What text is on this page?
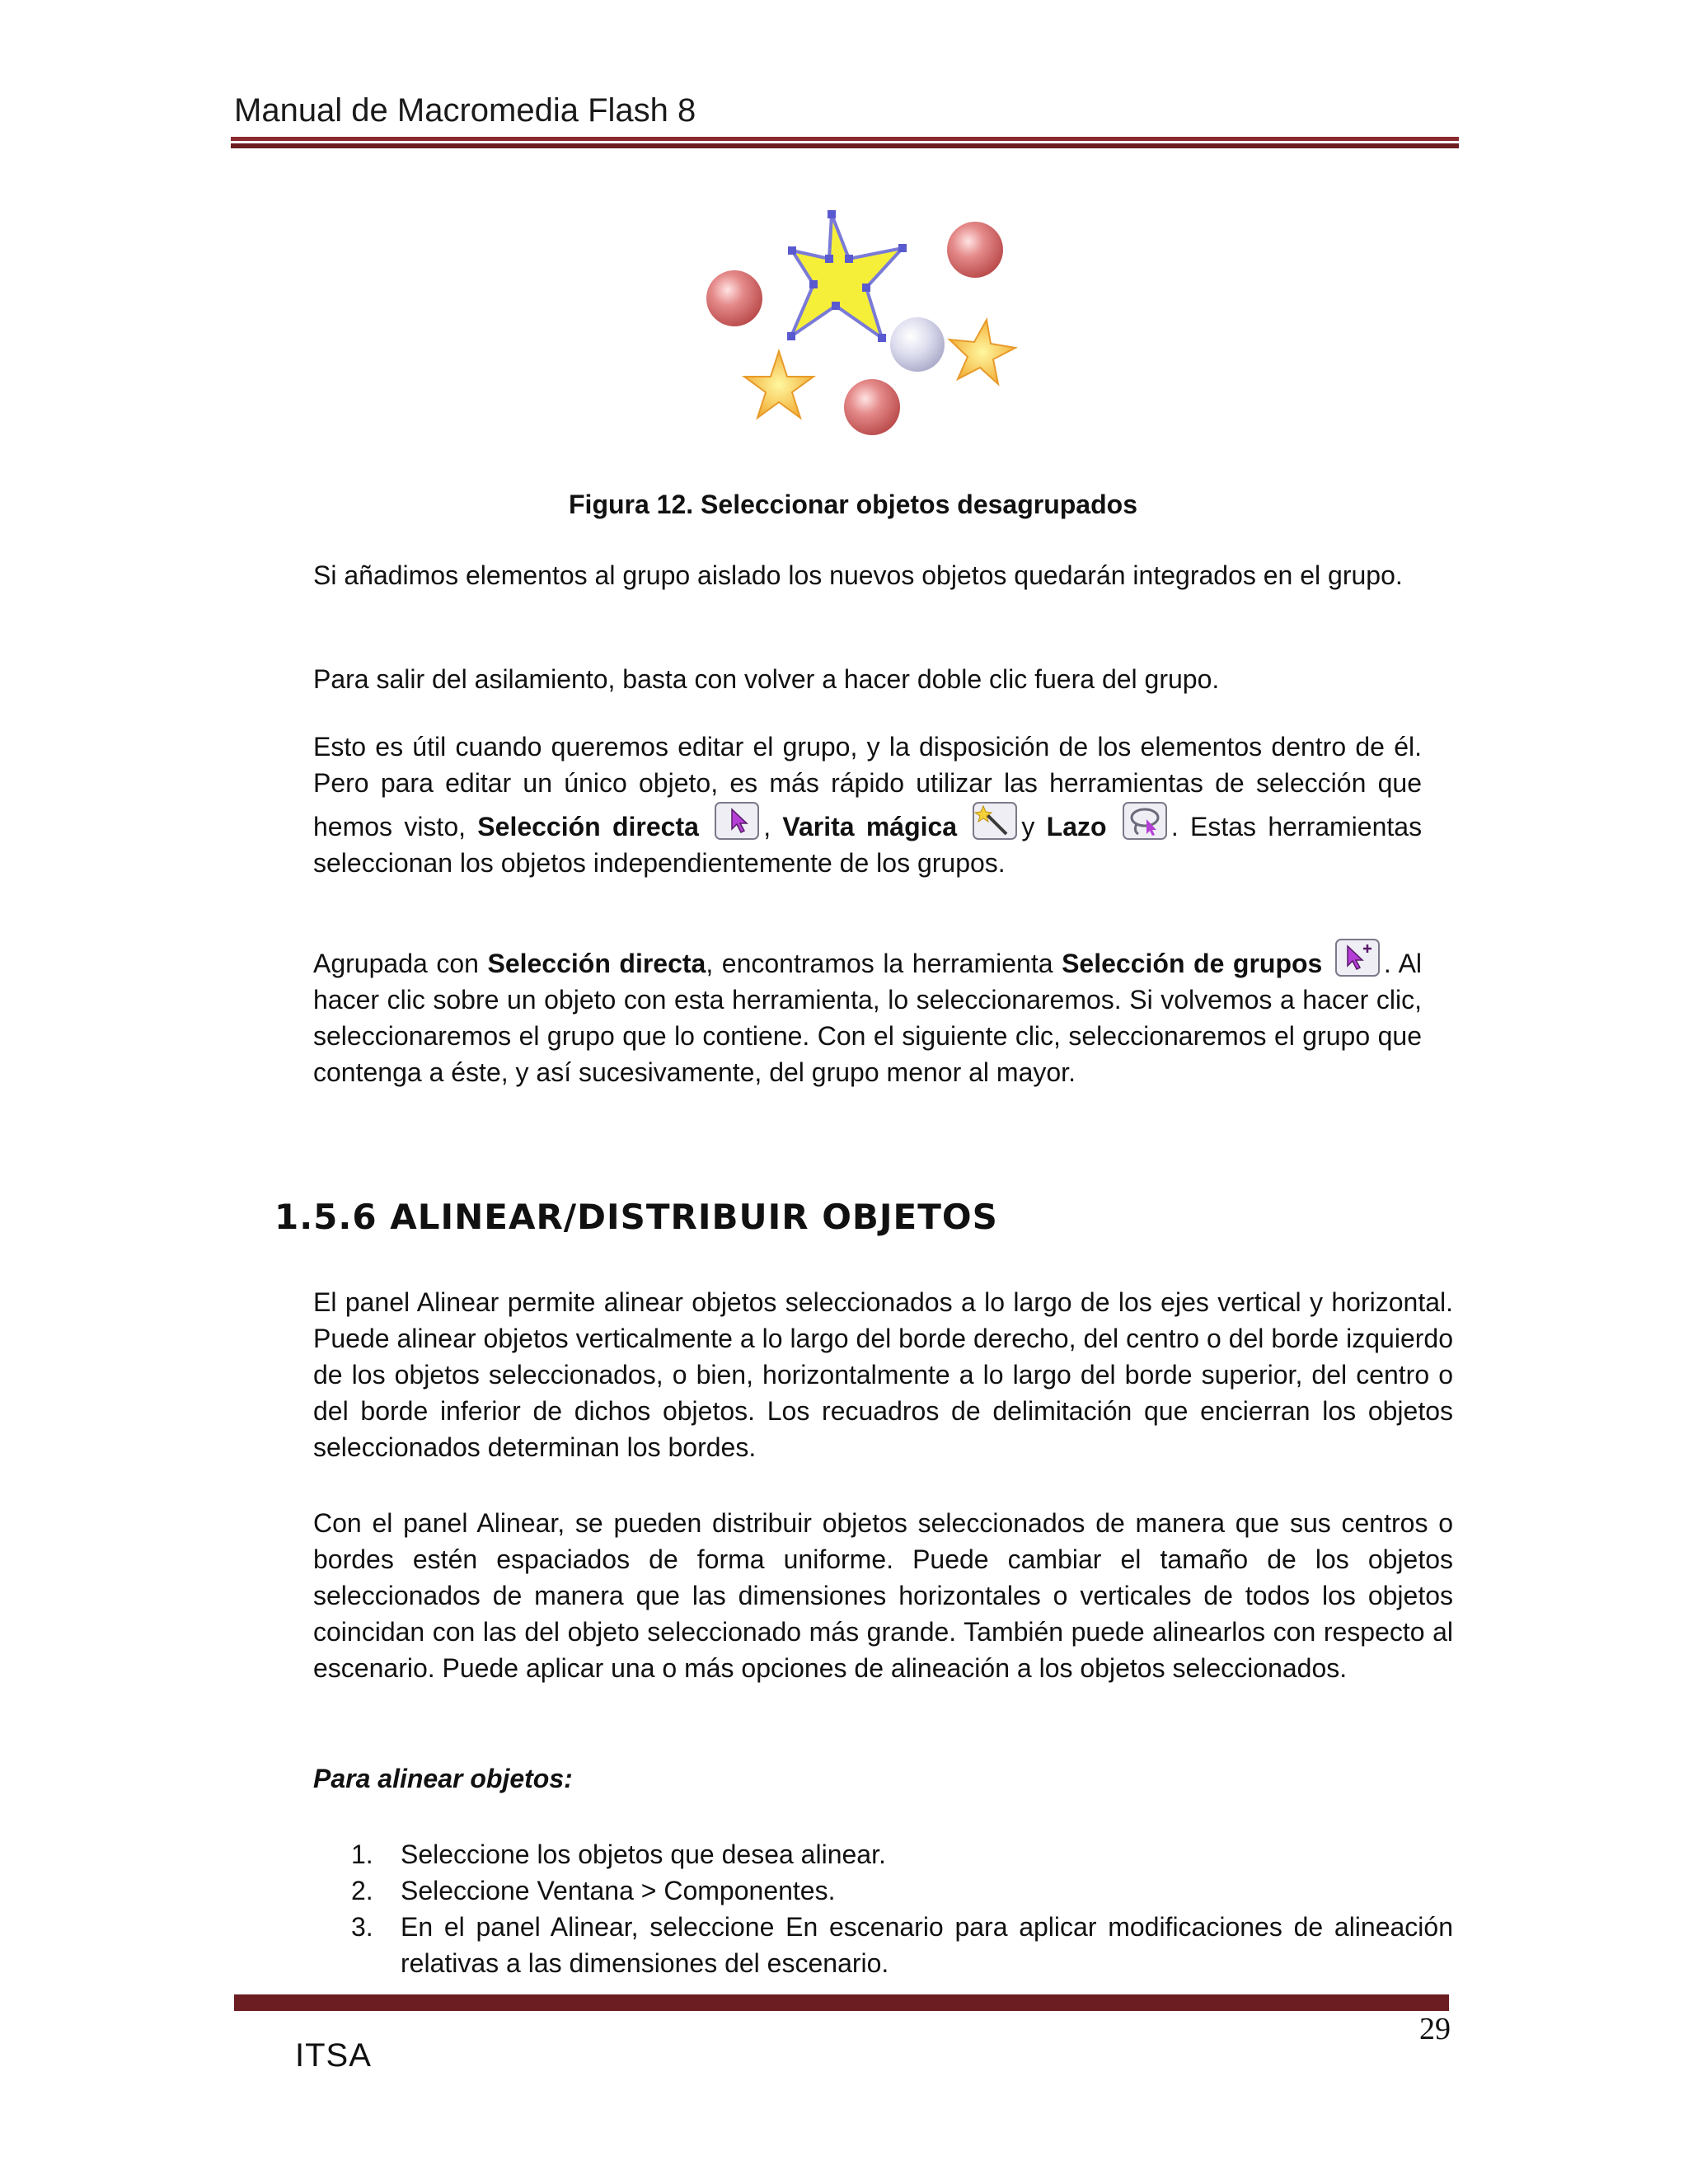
Manual de Macromedia Flash 8
Figura 12. Seleccionar objetos desagrupados
Si añadimos elementos al grupo aislado los nuevos objetos quedarán integrados en el grupo.
Para salir del asilamiento, basta con volver a hacer doble clic fuera del grupo.
Esto es útil cuando queremos editar el grupo, y la disposición de los elementos dentro de él. Pero para editar un único objeto, es más rápido utilizar las herramientas de selección que hemos visto, Selección directa , Varita mágica y Lazo . Estas herramientas seleccionan los objetos independientemente de los grupos.
Agrupada con Selección directa, encontramos la herramienta Selección de grupos . Al hacer clic sobre un objeto con esta herramienta, lo seleccionaremos. Si volvemos a hacer clic, seleccionaremos el grupo que lo contiene. Con el siguiente clic, seleccionaremos el grupo que contenga a éste, y así sucesivamente, del grupo menor al mayor.
1.5.6 ALINEAR/DISTRIBUIR OBJETOS
El panel Alinear permite alinear objetos seleccionados a lo largo de los ejes vertical y horizontal. Puede alinear objetos verticalmente a lo largo del borde derecho, del centro o del borde izquierdo de los objetos seleccionados, o bien, horizontalmente a lo largo del borde superior, del centro o del borde inferior de dichos objetos. Los recuadros de delimitación que encierran los objetos seleccionados determinan los bordes.
Con el panel Alinear, se pueden distribuir objetos seleccionados de manera que sus centros o bordes estén espaciados de forma uniforme. Puede cambiar el tamaño de los objetos seleccionados de manera que las dimensiones horizontales o verticales de todos los objetos coincidan con las del objeto seleccionado más grande. También puede alinearlos con respecto al escenario. Puede aplicar una o más opciones de alineación a los objetos seleccionados.
Para alinear objetos:
1. Seleccione los objetos que desea alinear.
2. Seleccione Ventana > Componentes.
3. En el panel Alinear, seleccione En escenario para aplicar modificaciones de alineación relativas a las dimensiones del escenario.
29
ITSA
